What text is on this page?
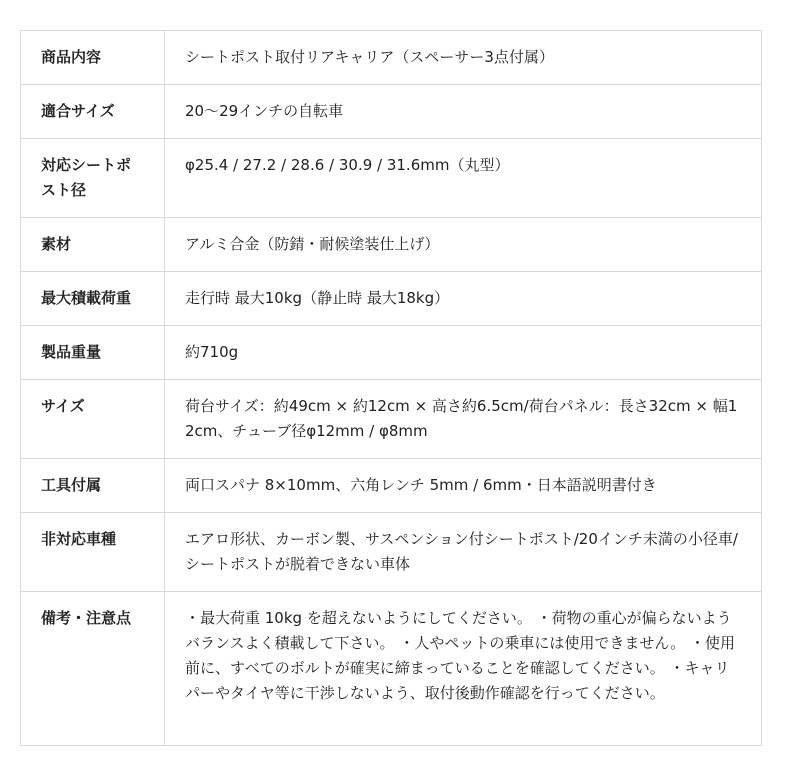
商品内容	シートポスト取付リアキャリア（スペーサー3点付属）
適合サイズ	20〜29インチの自転車
対応シートポスト径	φ25.4 / 27.2 / 28.6 / 30.9 / 31.6mm（丸型）
素材	アルミ合金（防錆・耐候塗装仕上げ）
最大積載荷重	走行時 最大10kg（静止時 最大18kg）
製品重量	約710g
サイズ	荷台サイズ：約49cm × 約12cm × 高さ約6.5cm/荷台パネル：長さ32cm × 幅12cm、チューブ径φ12mm / φ8mm
工具付属	両口スパナ 8×10mm、六角レンチ 5mm / 6mm・日本語説明書付き
非対応車種	エアロ形状、カーボン製、サスペンション付シートポスト/20インチ未満の小径車/シートポストが脱着できない車体
備考・注意点	・最大荷重 10kg を超えないようにしてください。 ・荷物の重心が偏らないようバランスよく積載して下さい。 ・人やペットの乗車には使用できません。 ・使用前に、すべてのボルトが確実に締まっていることを確認してください。 ・キャリパーやタイヤ等に干渉しないよう、取付後動作確認を行ってください。
